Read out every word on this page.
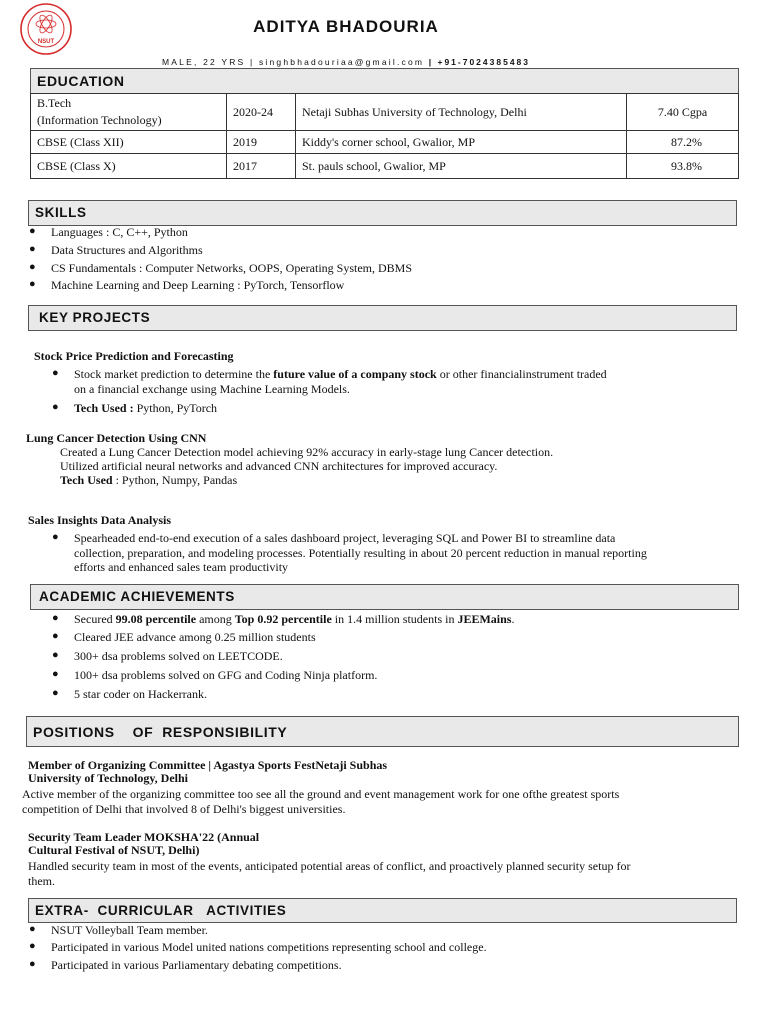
NSUT
ADITYA BHADOURIA
MALE, 22 YRS | singhbhadouriaa@gmail.com | +91-7024385483
EDUCATION
B.Tech
(Information Technology)	2020-24	Netaji Subhas University of Technology, Delhi	7.40 Cgpa
CBSE (Class XII)	2019	Kiddy's corner school, Gwalior, MP	87.2%
CBSE (Class X)	2017	St. pauls school, Gwalior, MP	93.8%
SKILLS
● Languages : C, C++, Python
● Data Structures and Algorithms
● CS Fundamentals : Computer Networks, OOPS, Operating System, DBMS
● Machine Learning and Deep Learning : PyTorch, Tensorflow
KEY PROJECTS
Stock Price Prediction and Forecasting
● Stock market prediction to determine the future value of a company stock or other financialinstrument traded
on a financial exchange using Machine Learning Models.
● Tech Used : Python, PyTorch
Lung Cancer Detection Using CNN
Created a Lung Cancer Detection model achieving 92% accuracy in early-stage lung Cancer detection.
Utilized artificial neural networks and advanced CNN architectures for improved accuracy.
Tech Used : Python, Numpy, Pandas
Sales Insights Data Analysis
● Spearheaded end-to-end execution of a sales dashboard project, leveraging SQL and Power BI to streamline data
collection, preparation, and modeling processes. Potentially resulting in about 20 percent reduction in manual reporting
efforts and enhanced sales team productivity
ACADEMIC ACHIEVEMENTS
● Secured 99.08 percentile among Top 0.92 percentile in 1.4 million students in JEEMains.
● Cleared JEE advance among 0.25 million students
● 300+ dsa problems solved on LEETCODE.
● 100+ dsa problems solved on GFG and Coding Ninja platform.
● 5 star coder on Hackerrank.
POSITIONS    OF  RESPONSIBILITY
Member of Organizing Committee | Agastya Sports FestNetaji Subhas
University of Technology, Delhi
Active member of the organizing committee too see all the ground and event management work for one ofthe greatest sports
competition of Delhi that involved 8 of Delhi's biggest universities.
Security Team Leader MOKSHA'22 (Annual
Cultural Festival of NSUT, Delhi)
Handled security team in most of the events, anticipated potential areas of conflict, and proactively planned security setup for
them.
EXTRA-  CURRICULAR   ACTIVITIES
● NSUT Volleyball Team member.
● Participated in various Model united nations competitions representing school and college.
● Participated in various Parliamentary debating competitions.
